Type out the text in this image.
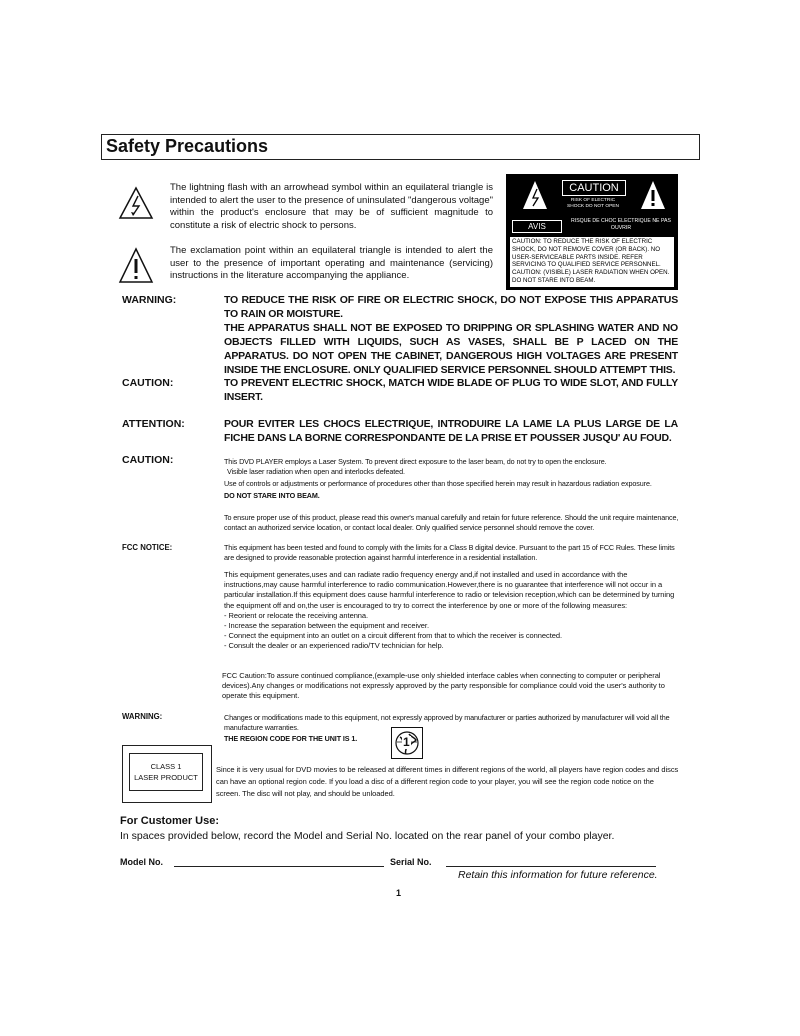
Safety Precautions
The lightning flash with an arrowhead symbol within an equilateral triangle is intended to alert the user to the presence of uninsulated "dangerous voltage" within the product's enclosure that may be of sufficient magnitude to constitute a risk of electric shock to persons.
The exclamation point within an equilateral triangle is intended to alert the user to the presence of important operating and maintenance (servicing) instructions in the literature accompanying the appliance.
CAUTION
RISK OF ELECTRIC SHOCK DO NOT OPEN
AVIS
RISQUE DE CHOC ELECTRIQUE NE PAS OUVRIR
CAUTION: TO REDUCE THE RISK OF ELECTRIC SHOCK, DO NOT REMOVE COVER (OR BACK). NO USER-SERVICEABLE PARTS INSIDE. REFER SERVICING TO QUALIFIED SERVICE PERSONNEL. CAUTION: (VISIBLE) LASER RADIATION WHEN OPEN. DO NOT STARE INTO BEAM.
WARNING:	TO REDUCE THE RISK OF FIRE OR ELECTRIC SHOCK, DO NOT EXPOSE THIS APPARATUS TO RAIN OR MOISTURE.
THE APPARATUS SHALL NOT BE EXPOSED TO DRIPPING OR SPLASHING WATER AND NO OBJECTS FILLED WITH LIQUIDS, SUCH AS VASES, SHALL BE P LACED ON THE APPARATUS. DO NOT OPEN THE CABINET, DANGEROUS HIGH VOLTAGES ARE PRESENT INSIDE THE ENCLOSURE. ONLY QUALIFIED SERVICE PERSONNEL SHOULD ATTEMPT THIS.
CAUTION:	TO PREVENT ELECTRIC SHOCK, MATCH WIDE BLADE OF PLUG TO WIDE SLOT, AND FULLY INSERT.
ATTENTION:	POUR EVITER LES CHOCS ELECTRIQUE, INTRODUIRE LA LAME LA PLUS LARGE DE LA FICHE DANS LA BORNE CORRESPONDANTE DE LA PRISE ET POUSSER JUSQU' AU FOUD.
CAUTION:	This DVD PLAYER employs a Laser System. To prevent direct exposure to the laser beam, do not try to open the enclosure.

Visible laser radiation when open and interlocks defeated.

Use of controls or adjustments or performance of procedures other than those specified herein may result in hazardous radiation exposure.

DO NOT STARE INTO BEAM.

To ensure proper use of this product, please read this owner's manual carefully and retain for future reference. Should the unit require maintenance, contact an authorized service location, or contact local dealer. Only qualified service personnel should remove the cover.
FCC NOTICE:	This equipment has been tested and found to comply with the limits for a Class B digital device. Pursuant to the part 15 of FCC Rules. These limits are designed to provide reasonable protection against harmful interference in a residential installation.

This equipment generates,uses and can radiate radio frequency energy and,if not installed and used in accordance with the instructions,may cause harmful interference to radio communication.However,there is no guarantee that interference will not occur in a particular installation.If this equipment does cause harmful interference to radio or television reception,which can be determined by turning the equipment off and on,the user is encouraged to try to correct the interference by one or more of the following measures:

- Reorient or relocate the receiving antenna.

- Increase the separation between the equipment and receiver.

- Connect the equipment into an outlet on a circuit different from that to which the receiver is connected.

- Consult the dealer or an experienced radio/TV technician for help.

FCC Caution:To assure continued compliance,(example-use only shielded interface cables when connecting to computer or peripheral devices).Any changes or modifications not expressly approved by the party responsible for compliance could void the user's authority to operate this equipment.
WARNING:	Changes or modifications made to this equipment, not expressly approved by manufacturer or parties authorized by manufacturer will void all the manufacture warranties.
THE REGION CODE FOR THE UNIT IS 1.	1
CLASS 1
LASER PRODUCT
Since it is very usual for DVD movies to be released at different times in different regions of the world, all players have region codes and discs can have an optional region code. If you load a disc of a different region code to your player, you will see the region code notice on the screen. The disc will not play, and should be unloaded.
For Customer Use:
In spaces provided below, record the Model and Serial No. located on the rear panel of your combo player.
Model No.	Serial No.
Retain this information for future reference.
1
